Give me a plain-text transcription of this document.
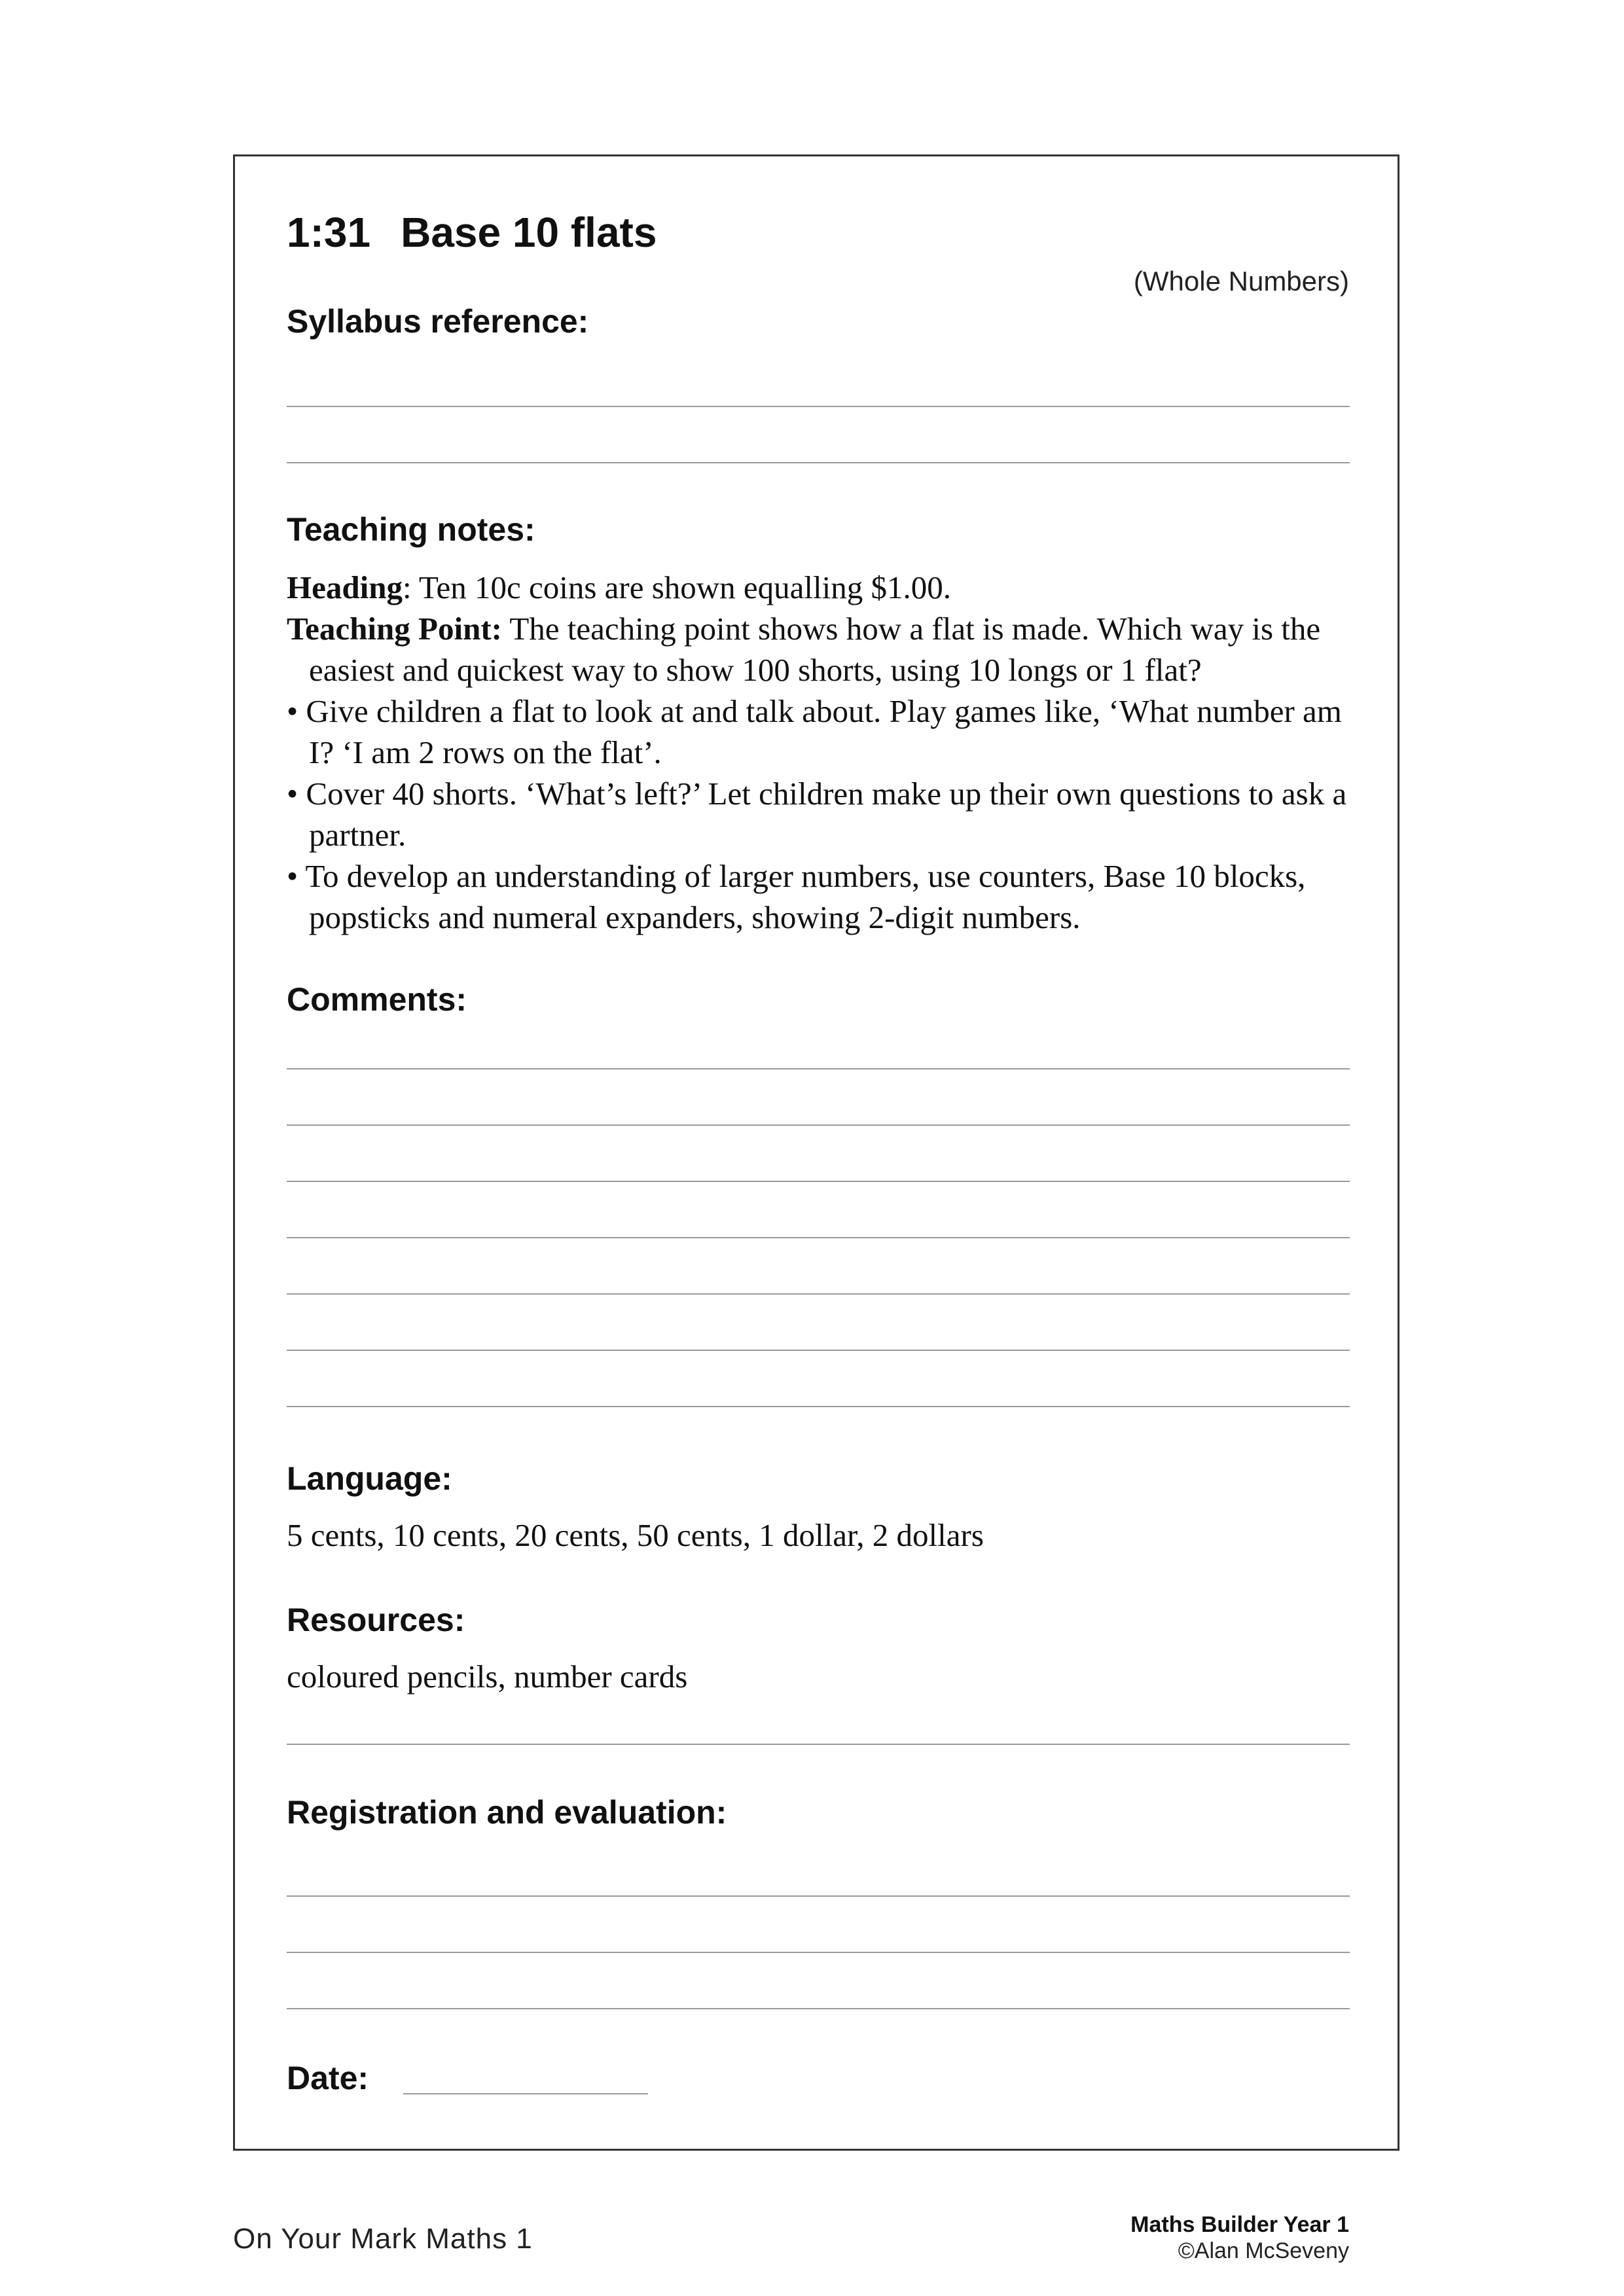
1:31 Base 10 flats
(Whole Numbers)
Syllabus reference:
Teaching notes:

Heading: Ten 10c coins are shown equalling $1.00.

Teaching Point: The teaching point shows how a flat is made. Which way is the easiest and quickest way to show 100 shorts, using 10 longs or 1 flat?

• Give children a flat to look at and talk about. Play games like, ‘What number am I? ‘I am 2 rows on the flat’.

• Cover 40 shorts. ‘What’s left?’ Let children make up their own questions to ask a partner.

• To develop an understanding of larger numbers, use counters, Base 10 blocks, popsticks and numeral expanders, showing 2-digit numbers.

Comments:
Language:
5 cents, 10 cents, 20 cents, 50 cents, 1 dollar, 2 dollars
Resources:
coloured pencils, number cards
Registration and evaluation:
Date:
On Your Mark Maths 1	Maths Builder Year 1
©Alan McSeveny
